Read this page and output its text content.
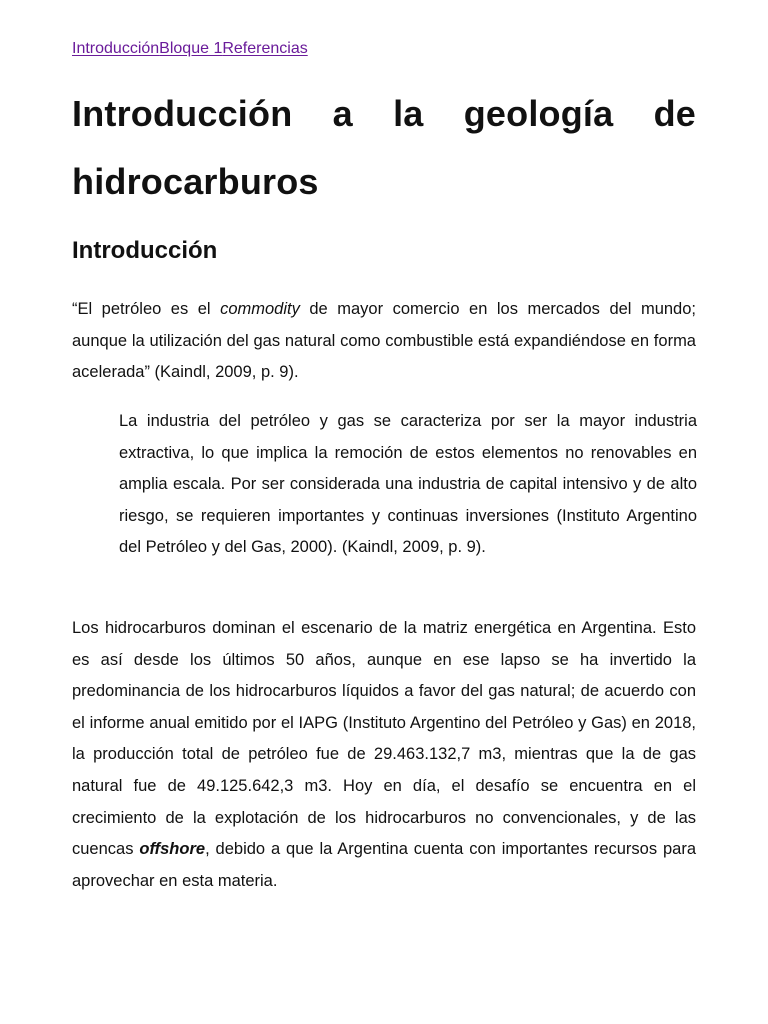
IntroducciónBloque 1Referencias
Introducción a la geología de hidrocarburos
Introducción

“El petróleo es el commodity de mayor comercio en los mercados del mundo; aunque la utilización del gas natural como combustible está expandiéndose en forma acelerada” (Kaindl, 2009, p. 9).

La industria del petróleo y gas se caracteriza por ser la mayor industria extractiva, lo que implica la remoción de estos elementos no renovables en amplia escala. Por ser considerada una industria de capital intensivo y de alto riesgo, se requieren importantes y continuas inversiones (Instituto Argentino del Petróleo y del Gas, 2000). (Kaindl, 2009, p. 9).

Los hidrocarburos dominan el escenario de la matriz energética en Argentina. Esto es así desde los últimos 50 años, aunque en ese lapso se ha invertido la predominancia de los hidrocarburos líquidos a favor del gas natural; de acuerdo con el informe anual emitido por el IAPG (Instituto Argentino del Petróleo y Gas) en 2018, la producción total de petróleo fue de 29.463.132,7 m3, mientras que la de gas natural fue de 49.125.642,3 m3. Hoy en día, el desafío se encuentra en el crecimiento de la explotación de los hidrocarburos no convencionales, y de las cuencas offshore, debido a que la Argentina cuenta con importantes recursos para aprovechar en esta materia.
